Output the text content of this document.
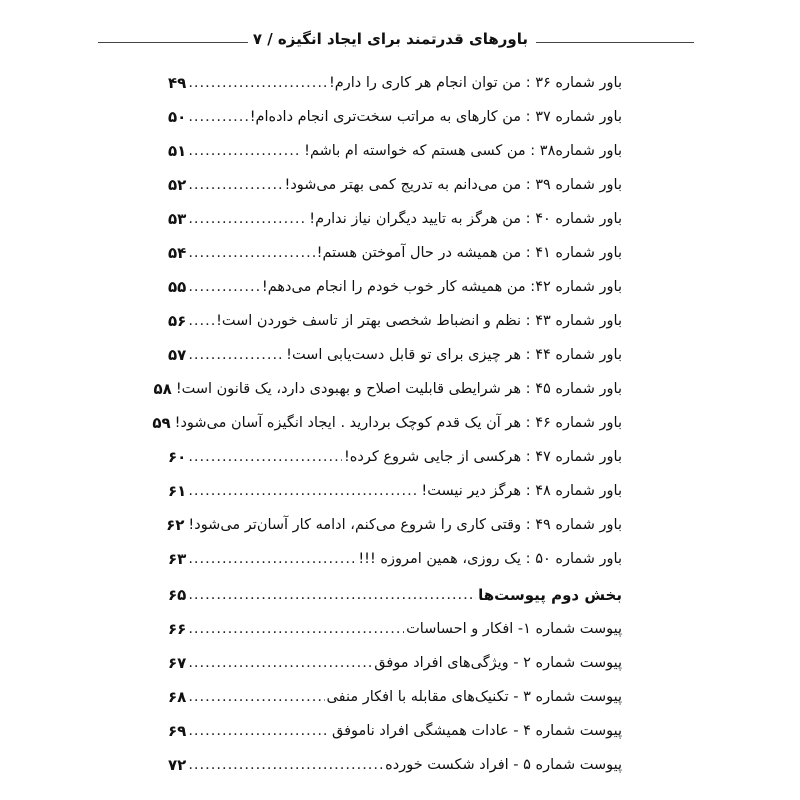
باورهای قدرتمند برای ایجاد انگیزه / ۷
باور شماره ۳۶ : من توان انجام هر کاری را دارم!
.....
۴۹
باور شماره ۳۷ : من کارهای به مراتب سخت‌تری انجام داده‌ام!
.....
۵۰
باور شماره۳۸ : من کسی هستم که خواسته ام باشم!
.....
۵۱
باور شماره ۳۹ : من می‌دانم به تدریج کمی بهتر می‌شود!
.....
۵۲
باور شماره ۴۰ : من هرگز به تایید دیگران نیاز ندارم!
.....
۵۳
باور شماره ۴۱ : من همیشه در حال آموختن هستم!
.....
۵۴
باور شماره ۴۲: من همیشه کار خوب خودم را انجام می‌دهم!
.....
۵۵
باور شماره ۴۳ : نظم و انضباط شخصی بهتر از تاسف خوردن است!
.....
۵۶
باور شماره ۴۴ : هر چیزی برای تو قابل دست‌یابی است!
.....
۵۷
باور شماره ۴۵ : هر شرایطی قابلیت اصلاح و بهبودی دارد، یک قانون است!
۵۸
باور شماره ۴۶ : هر آن یک قدم کوچک بردارید . ایجاد انگیزه آسان می‌شود!
۵۹
باور شماره ۴۷ : هرکسی از جایی شروع کرده!
.....
۶۰
باور شماره ۴۸ : هرگز دیر نیست!
.....
۶۱
باور شماره ۴۹ : وقتی کاری را شروع می‌کنم، ادامه کار آسان‌تر می‌شود!
۶۲
باور شماره ۵۰ : یک روزی، همین امروزه !!!
.....
۶۳
بخش دوم پیوست‌ها
.....
۶۵
پیوست شماره ۱- افکار و احساسات
.....
۶۶
پیوست شماره ۲ - ویژگی‌های افراد موفق
.....
۶۷
پیوست شماره ۳ - تکنیک‌های مقابله با افکار منفی
.....
۶۸
پیوست شماره ۴ - عادات همیشگی افراد ناموفق
.....
۶۹
پیوست شماره ۵ - افراد شکست خورده
.....
۷۲
